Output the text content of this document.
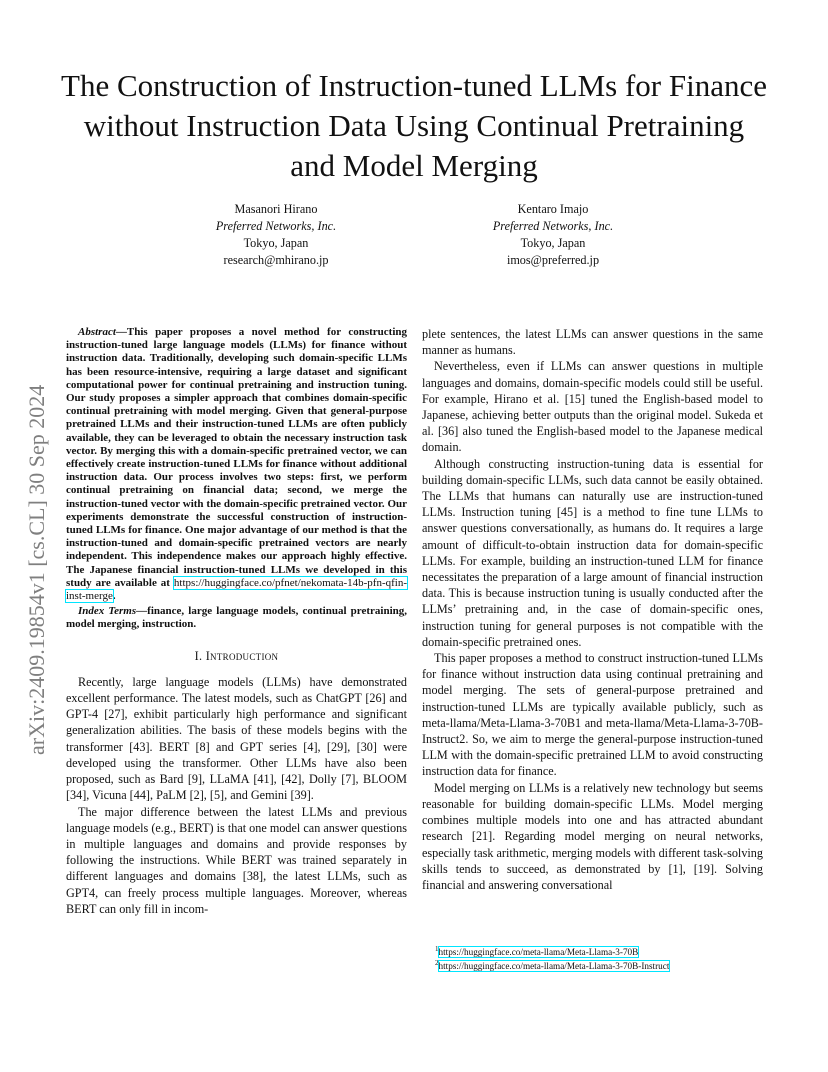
arXiv:2409.19854v1 [cs.CL] 30 Sep 2024
The Construction of Instruction-tuned LLMs for Finance without Instruction Data Using Continual Pretraining and Model Merging
Masanori Hirano
Preferred Networks, Inc.
Tokyo, Japan
research@mhirano.jp
Kentaro Imajo
Preferred Networks, Inc.
Tokyo, Japan
imos@preferred.jp

Abstract—This paper proposes a novel method for constructing instruction-tuned large language models (LLMs) for finance without instruction data. Traditionally, developing such domain-specific LLMs has been resource-intensive, requiring a large dataset and significant computational power for continual pretraining and instruction tuning. Our study proposes a simpler approach that combines domain-specific continual pretraining with model merging. Given that general-purpose pretrained LLMs and their instruction-tuned LLMs are often publicly available, they can be leveraged to obtain the necessary instruction task vector. By merging this with a domain-specific pretrained vector, we can effectively create instruction-tuned LLMs for finance without additional instruction data. Our process involves two steps: first, we perform continual pretraining on financial data; second, we merge the instruction-tuned vector with the domain-specific pretrained vector. Our experiments demonstrate the successful construction of instruction-tuned LLMs for finance. One major advantage of our method is that the instruction-tuned and domain-specific pretrained vectors are nearly independent. This independence makes our approach highly effective. The Japanese financial instruction-tuned LLMs we developed in this study are available at https://huggingface.co/pfnet/nekomata-14b-pfn-qfin-inst-merge.

Index Terms—finance, large language models, continual pretraining, model merging, instruction.

I. Introduction

Recently, large language models (LLMs) have demonstrated excellent performance. The latest models, such as ChatGPT [26] and GPT-4 [27], exhibit particularly high performance and significant generalization abilities. The basis of these models begins with the transformer [43]. BERT [8] and GPT series [4], [29], [30] were developed using the transformer. Other LLMs have also been proposed, such as Bard [9], LLaMA [41], [42], Dolly [7], BLOOM [34], Vicuna [44], PaLM [2], [5], and Gemini [39].

The major difference between the latest LLMs and previous language models (e.g., BERT) is that one model can answer questions in multiple languages and domains and provide responses by following the instructions. While BERT was trained separately in different languages and domains [38], the latest LLMs, such as GPT4, can freely process multiple languages. Moreover, whereas BERT can only fill in incom-

plete sentences, the latest LLMs can answer questions in the same manner as humans.

Nevertheless, even if LLMs can answer questions in multiple languages and domains, domain-specific models could still be useful. For example, Hirano et al. [15] tuned the English-based model to Japanese, achieving better outputs than the original model. Sukeda et al. [36] also tuned the English-based model to the Japanese medical domain.

Although constructing instruction-tuning data is essential for building domain-specific LLMs, such data cannot be easily obtained. The LLMs that humans can naturally use are instruction-tuned LLMs. Instruction tuning [45] is a method to fine tune LLMs to answer questions conversationally, as humans do. It requires a large amount of difficult-to-obtain instruction data for domain-specific LLMs. For example, building an instruction-tuned LLM for finance necessitates the preparation of a large amount of financial instruction data. This is because instruction tuning is usually conducted after the LLMs’ pretraining and, in the case of domain-specific ones, instruction tuning for general purposes is not compatible with the domain-specific pretrained ones.

This paper proposes a method to construct instruction-tuned LLMs for finance without instruction data using continual pretraining and model merging. The sets of general-purpose pretrained and instruction-tuned LLMs are typically available publicly, such as meta-llama/Meta-Llama-3-70B1 and meta-llama/Meta-Llama-3-70B-Instruct2. So, we aim to merge the general-purpose instruction-tuned LLM with the domain-specific pretrained LLM to avoid constructing instruction data for finance.

Model merging on LLMs is a relatively new technology but seems reasonable for building domain-specific LLMs. Model merging combines multiple models into one and has attracted abundant research [21]. Regarding model merging on neural networks, especially task arithmetic, merging models with different task-solving skills tends to succeed, as demonstrated by [1], [19]. Solving financial and answering conversational

$^1$https://huggingface.co/meta-llama/Meta-Llama-3-70B
$^2$https://huggingface.co/meta-llama/Meta-Llama-3-70B-Instruct
